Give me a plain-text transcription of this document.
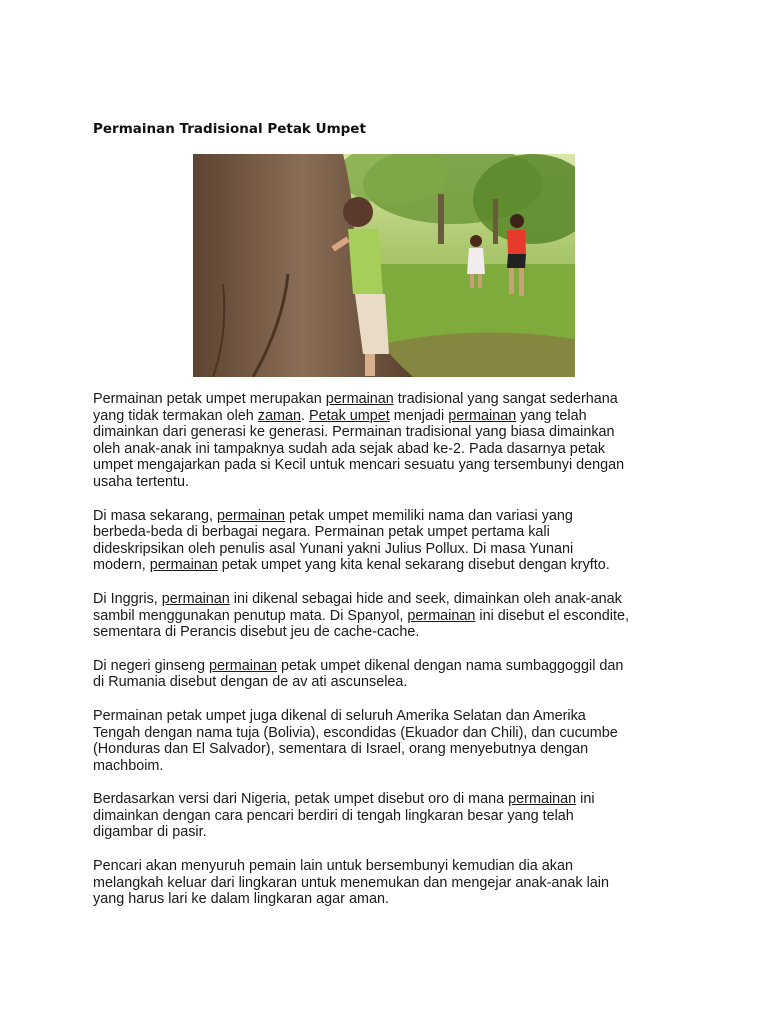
Permainan Tradisional Petak Umpet

Permainan petak umpet merupakan permainan tradisional yang sangat sederhana
yang tidak termakan oleh zaman. Petak umpet menjadi permainan yang telah
dimainkan dari generasi ke generasi. Permainan tradisional yang biasa dimainkan
oleh anak-anak ini tampaknya sudah ada sejak abad ke-2. Pada dasarnya petak
umpet mengajarkan pada si Kecil untuk mencari sesuatu yang tersembunyi dengan
usaha tertentu.

Di masa sekarang, permainan petak umpet memiliki nama dan variasi yang
berbeda-beda di berbagai negara. Permainan petak umpet pertama kali
dideskripsikan oleh penulis asal Yunani yakni Julius Pollux. Di masa Yunani
modern, permainan petak umpet yang kita kenal sekarang disebut dengan kryfto.

Di Inggris, permainan ini dikenal sebagai hide and seek, dimainkan oleh anak-anak
sambil menggunakan penutup mata. Di Spanyol, permainan ini disebut el escondite,
sementara di Perancis disebut jeu de cache-cache.

Di negeri ginseng permainan petak umpet dikenal dengan nama sumbaggoggil dan
di Rumania disebut dengan de av ati ascunselea.

Permainan petak umpet juga dikenal di seluruh Amerika Selatan dan Amerika
Tengah dengan nama tuja (Bolivia), escondidas (Ekuador dan Chili), dan cucumbe
(Honduras dan El Salvador), sementara di Israel, orang menyebutnya dengan
machboim.

Berdasarkan versi dari Nigeria, petak umpet disebut oro di mana permainan ini
dimainkan dengan cara pencari berdiri di tengah lingkaran besar yang telah
digambar di pasir.

Pencari akan menyuruh pemain lain untuk bersembunyi kemudian dia akan
melangkah keluar dari lingkaran untuk menemukan dan mengejar anak-anak lain
yang harus lari ke dalam lingkaran agar aman.
